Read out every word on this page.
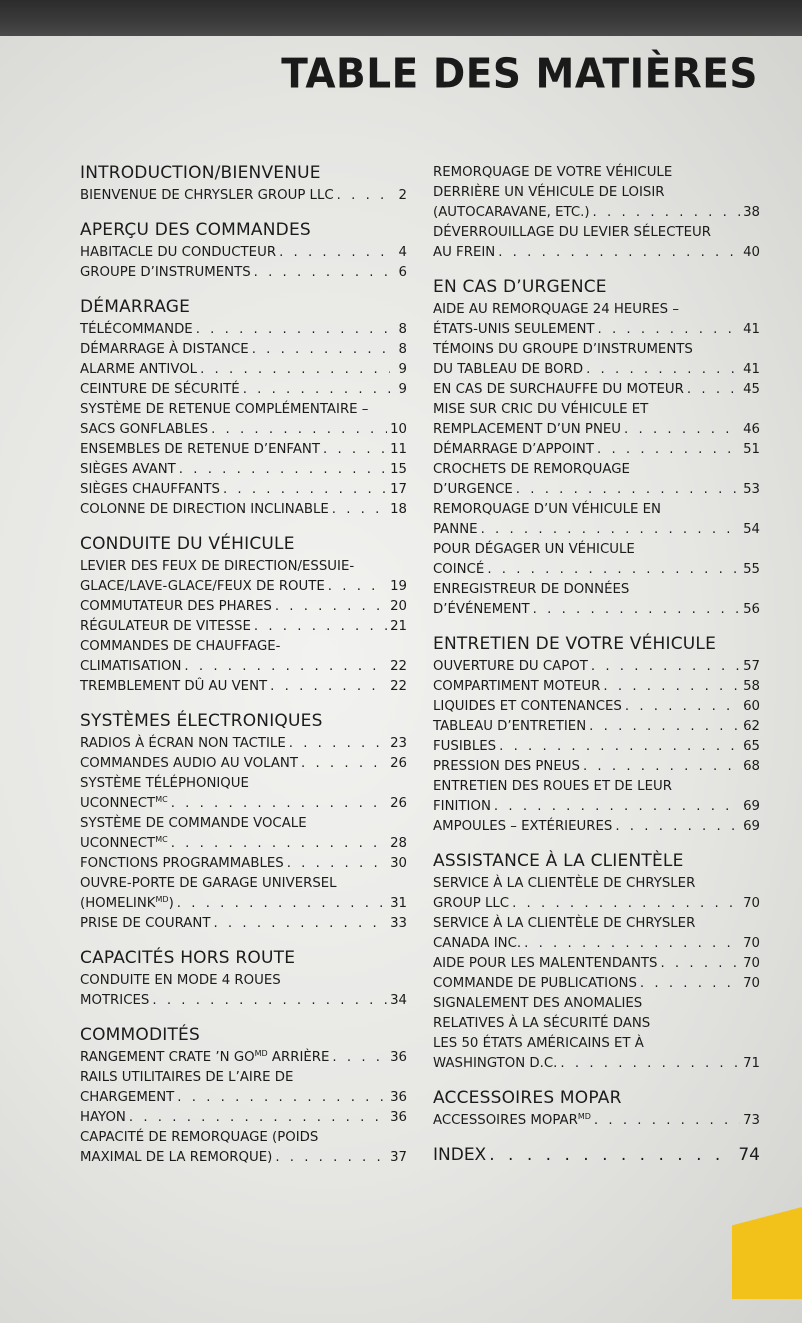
TABLE DES MATIÈRES
INTRODUCTION/BIENVENUE
BIENVENUE DE CHRYSLER GROUP LLC . . .	2
APERÇU DES COMMANDES
HABITACLE DU CONDUCTEUR . . .	4
GROUPE D’INSTRUMENTS . . .	6
DÉMARRAGE
TÉLÉCOMMANDE . . .	8
DÉMARRAGE À DISTANCE . . .	8
ALARME ANTIVOL . . .	9
CEINTURE DE SÉCURITÉ . . .	9
SYSTÈME DE RETENUE COMPLÉMENTAIRE –
SACS GONFLABLES . . .	10
ENSEMBLES DE RETENUE D’ENFANT . . .	11
SIÈGES AVANT . . .	15
SIÈGES CHAUFFANTS . . .	17
COLONNE DE DIRECTION INCLINABLE . . .	18
CONDUITE DU VÉHICULE
LEVIER DES FEUX DE DIRECTION/ESSUIE-
GLACE/LAVE-GLACE/FEUX DE ROUTE . . .	19
COMMUTATEUR DES PHARES . . .	20
RÉGULATEUR DE VITESSE . . .	21
COMMANDES DE CHAUFFAGE-
CLIMATISATION . . .	22
TREMBLEMENT DÛ AU VENT . . .	22
SYSTÈMES ÉLECTRONIQUES
RADIOS À ÉCRAN NON TACTILE . . .	23
COMMANDES AUDIO AU VOLANT . . .	26
SYSTÈME TÉLÉPHONIQUE
$UCONNECT^{MC}$ . . .	26
SYSTÈME DE COMMANDE VOCALE
$UCONNECT^{MC}$ . . .	28
FONCTIONS PROGRAMMABLES . . .	30
OUVRE-PORTE DE GARAGE UNIVERSEL
$(HOMELINK^{MD})$ . . .	31
PRISE DE COURANT . . .	33
CAPACITÉS HORS ROUTE
CONDUITE EN MODE 4 ROUES
MOTRICES . . .	34
COMMODITÉS
RANGEMENT CRATE ’N $GO^{MD}$ ARRIÈRE . . .	36
RAILS UTILITAIRES DE L’AIRE DE
CHARGEMENT . . .	36
HAYON . . .	36
CAPACITÉ DE REMORQUAGE (POIDS
MAXIMAL DE LA REMORQUE) . . .	37
REMORQUAGE DE VOTRE VÉHICULE
DERRIÈRE UN VÉHICULE DE LOISIR
(AUTOCARAVANE, ETC.) . . .	38
DÉVERROUILLAGE DU LEVIER SÉLECTEUR
AU FREIN . . .	40
EN CAS D’URGENCE
AIDE AU REMORQUAGE 24 HEURES –
ÉTATS-UNIS SEULEMENT . . .	41
TÉMOINS DU GROUPE D’INSTRUMENTS
DU TABLEAU DE BORD . . .	41
EN CAS DE SURCHAUFFE DU MOTEUR . . .	45
MISE SUR CRIC DU VÉHICULE ET
REMPLACEMENT D’UN PNEU . . .	46
DÉMARRAGE D’APPOINT . . .	51
CROCHETS DE REMORQUAGE
D’URGENCE . . .	53
REMORQUAGE D’UN VÉHICULE EN
PANNE . . .	54
POUR DÉGAGER UN VÉHICULE
COINCÉ . . .	55
ENREGISTREUR DE DONNÉES
D’ÉVÉNEMENT . . .	56
ENTRETIEN DE VOTRE VÉHICULE
OUVERTURE DU CAPOT . . .	57
COMPARTIMENT MOTEUR . . .	58
LIQUIDES ET CONTENANCES . . .	60
TABLEAU D’ENTRETIEN . . .	62
FUSIBLES . . .	65
PRESSION DES PNEUS . . .	68
ENTRETIEN DES ROUES ET DE LEUR
FINITION . . .	69
AMPOULES – EXTÉRIEURES . . .	69
ASSISTANCE À LA CLIENTÈLE
SERVICE À LA CLIENTÈLE DE CHRYSLER
GROUP LLC . . .	70
SERVICE À LA CLIENTÈLE DE CHRYSLER
CANADA INC. . . .	70
AIDE POUR LES MALENTENDANTS . . .	70
COMMANDE DE PUBLICATIONS . . .	70
SIGNALEMENT DES ANOMALIES
RELATIVES À LA SÉCURITÉ DANS
LES 50 ÉTATS AMÉRICAINS ET À
WASHINGTON D.C. . . .	71
ACCESSOIRES MOPAR
ACCESSOIRES $MOPAR^{MD}$ . . .	73
INDEX . . .	74
